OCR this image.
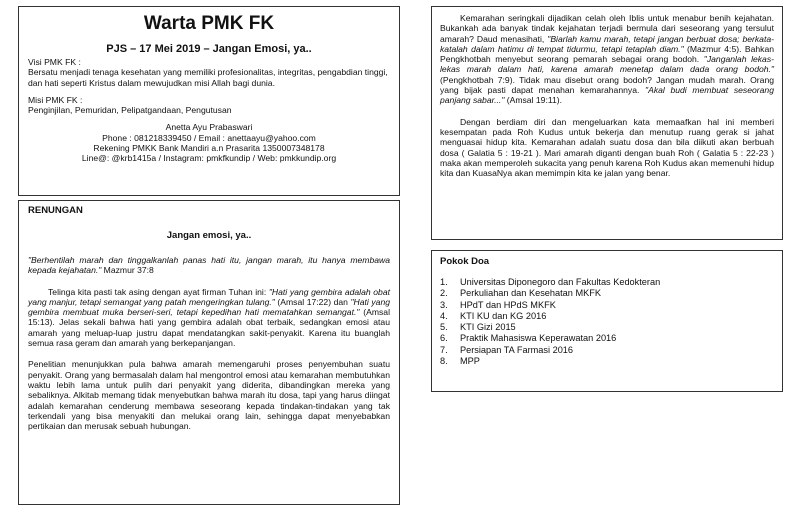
Warta PMK FK
PJS – 17 Mei 2019 – Jangan Emosi, ya..

Visi PMK FK :

Bersatu menjadi tenaga kesehatan yang memiliki profesionalitas, integritas, pengabdian tinggi, dan hati seperti Kristus dalam mewujudkan misi Allah bagi dunia.

Misi PMK FK :

Penginjilan, Pemuridan, Pelipatgandaan, Pengutusan

Anetta Ayu Prabaswari

Phone : 081218339450 / Email : anettaayu@yahoo.com

Rekening PMKK Bank Mandiri a.n Prasarita 1350007348178

Line@: @krb1415a / Instagram: pmkfkundip / Web: pmkkundip.org

RENUNGAN
Jangan emosi, ya..

"Berhentilah marah dan tinggalkanlah panas hati itu, jangan marah, itu hanya membawa kepada kejahatan." Mazmur 37:8

Telinga kita pasti tak asing dengan ayat firman Tuhan ini: "Hati yang gembira adalah obat yang manjur, tetapi semangat yang patah mengeringkan tulang." (Amsal 17:22) dan "Hati yang gembira membuat muka berseri-seri, tetapi kepedihan hati mematahkan semangat." (Amsal 15:13). Jelas sekali bahwa hati yang gembira adalah obat terbaik, sedangkan emosi atau amarah yang meluap-luap justru dapat mendatangkan sakit-penyakit. Karena itu buanglah semua rasa geram dan amarah yang berkepanjangan.

Penelitian menunjukkan pula bahwa amarah memengaruhi proses penyembuhan suatu penyakit. Orang yang bermasalah dalam hal mengontrol emosi atau kemarahan membutuhkan waktu lebih lama untuk pulih dari penyakit yang diderita, dibandingkan mereka yang sebaliknya. Alkitab memang tidak menyebutkan bahwa marah itu dosa, tapi yang harus diingat adalah kemarahan cenderung membawa seseorang kepada tindakan-tindakan yang tak terkendali yang bisa menyakiti dan melukai orang lain, sehingga dapat menyebabkan pertikaian dan merusak sebuah hubungan.

Kemarahan seringkali dijadikan celah oleh Iblis untuk menabur benih kejahatan. Bukankah ada banyak tindak kejahatan terjadi bermula dari seseorang yang tersulut amarah? Daud menasihati, "Biarlah kamu marah, tetapi jangan berbuat dosa; berkata-katalah dalam hatimu di tempat tidurmu, tetapi tetaplah diam." (Mazmur 4:5). Bahkan Pengkhotbah menyebut seorang pemarah sebagai orang bodoh. "Janganlah lekas-lekas marah dalam hati, karena amarah menetap dalam dada orang bodoh." (Pengkhotbah 7:9). Tidak mau disebut orang bodoh? Jangan mudah marah. Orang yang bijak pasti dapat menahan kemarahannya. "Akal budi membuat seseorang panjang sabar..." (Amsal 19:11).

Dengan berdiam diri dan mengeluarkan kata memaafkan hal ini memberi kesempatan pada Roh Kudus untuk bekerja dan menutup ruang gerak si jahat menguasai hidup kita. Kemarahan adalah suatu dosa dan bila diikuti akan berbuah dosa ( Galatia 5 : 19-21 ). Mari amarah diganti dengan buah Roh ( Galatia 5 : 22-23 ) maka akan memperoleh sukacita yang penuh karena Roh Kudus akan memenuhi hidup kita dan KuasaNya akan memimpin kita ke jalan yang benar.

Pokok Doa
1.	Universitas Diponegoro dan Fakultas Kedokteran
2.	Perkuliahan dan Kesehatan MKFK
3.	HPdT dan HPdS MKFK
4.	KTI KU dan KG 2016
5.	KTI Gizi 2015
6.	Praktik Mahasiswa Keperawatan 2016
7.	Persiapan TA Farmasi 2016
8.	MPP
